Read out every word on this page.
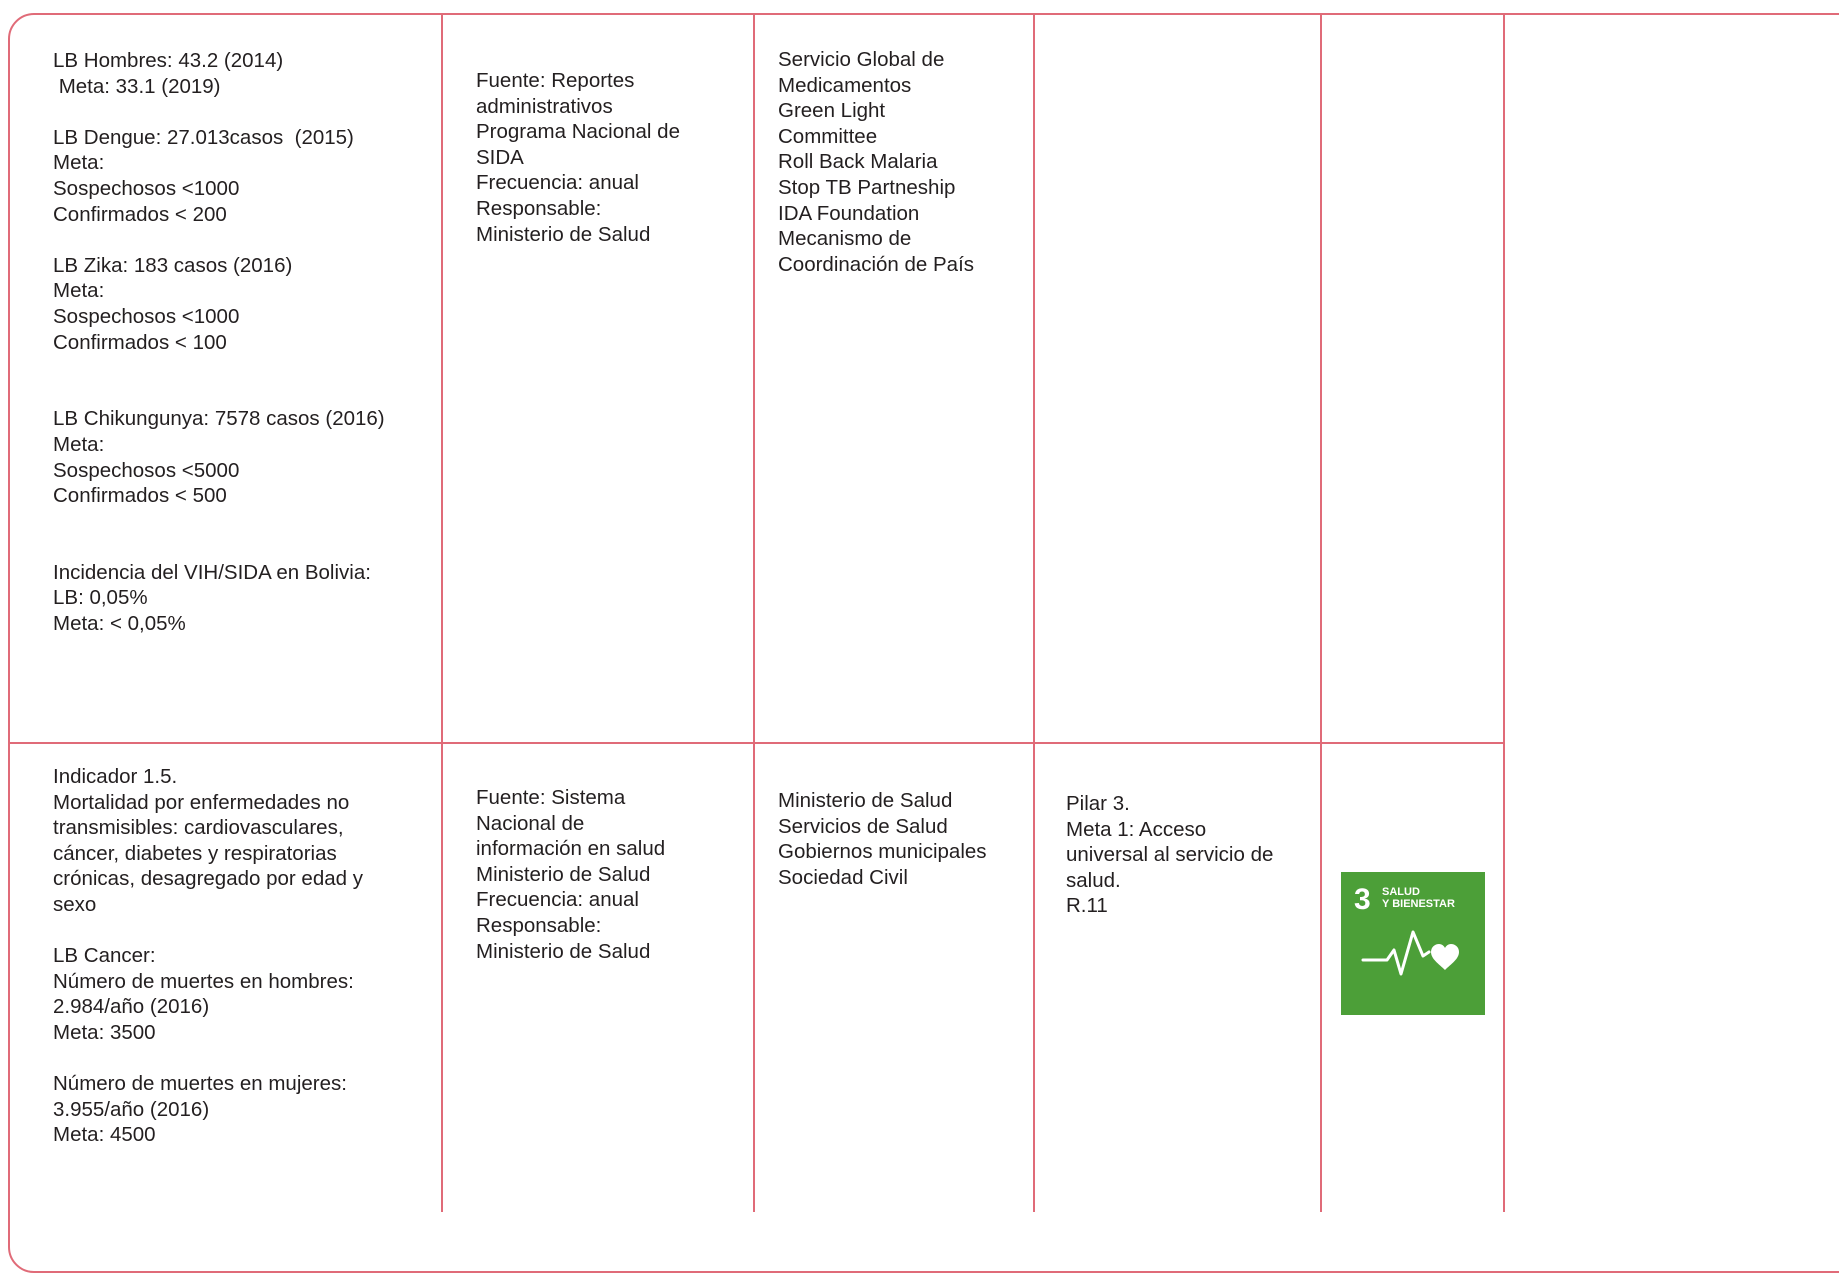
LB Hombres: 43.2 (2014)
Meta: 33.1 (2019)
LB Dengue: 27.013casos  (2015)
Meta:
Sospechosos <1000
Confirmados < 200
LB Zika: 183 casos (2016)
Meta:
Sospechosos <1000
Confirmados < 100
LB Chikungunya: 7578 casos (2016)
Meta:
Sospechosos <5000
Confirmados < 500
Incidencia del VIH/SIDA en Bolivia:
LB: 0,05%
Meta: < 0,05%
Fuente: Reportes
administrativos
Programa Nacional de
SIDA
Frecuencia: anual
Responsable:
Ministerio de Salud
Servicio Global de
Medicamentos
Green Light
Committee
Roll Back Malaria
Stop TB Partneship
IDA Foundation
Mecanismo de
Coordinación de País
Indicador 1.5.
Mortalidad por enfermedades no
transmisibles: cardiovasculares,
cáncer, diabetes y respiratorias
crónicas, desagregado por edad y
sexo
LB Cancer:
Número de muertes en hombres:
2.984/año (2016)
Meta: 3500
Número de muertes en mujeres:
3.955/año (2016)
Meta: 4500
Fuente: Sistema
Nacional de
información en salud
Ministerio de Salud
Frecuencia: anual
Responsable:
Ministerio de Salud
Ministerio de Salud
Servicios de Salud
Gobiernos municipales
Sociedad Civil
Pilar 3.
Meta 1: Acceso
universal al servicio de
salud.
R.11	3 SALUD
Y BIENESTAR
